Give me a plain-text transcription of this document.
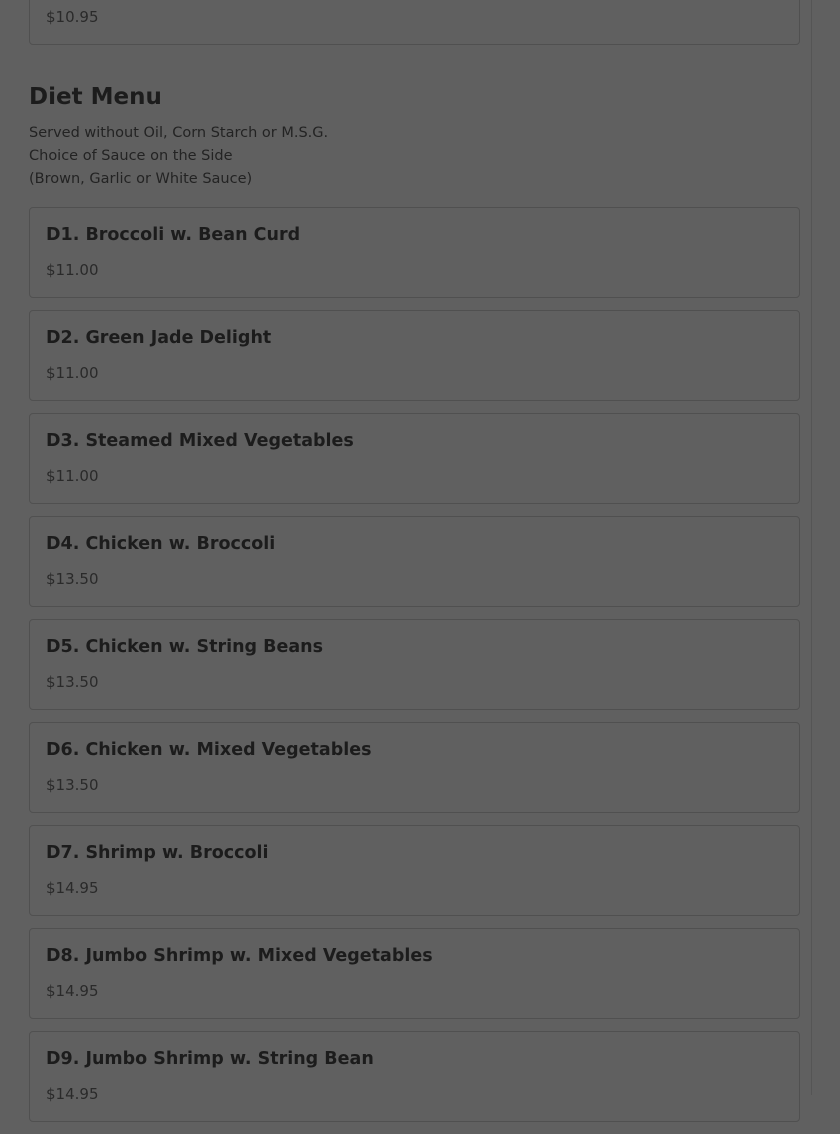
$10.95
Diet Menu
Served without Oil, Corn Starch or M.S.G.
Choice of Sauce on the Side
(Brown, Garlic or White Sauce)
D1. Broccoli w. Bean Curd
$11.00
D2. Green Jade Delight
$11.00
D3. Steamed Mixed Vegetables
$11.00
D4. Chicken w. Broccoli
$13.50
D5. Chicken w. String Beans
$13.50
D6. Chicken w. Mixed Vegetables
$13.50
D7. Shrimp w. Broccoli
$14.95
D8. Jumbo Shrimp w. Mixed Vegetables
$14.95
D9. Jumbo Shrimp w. String Bean
$14.95
